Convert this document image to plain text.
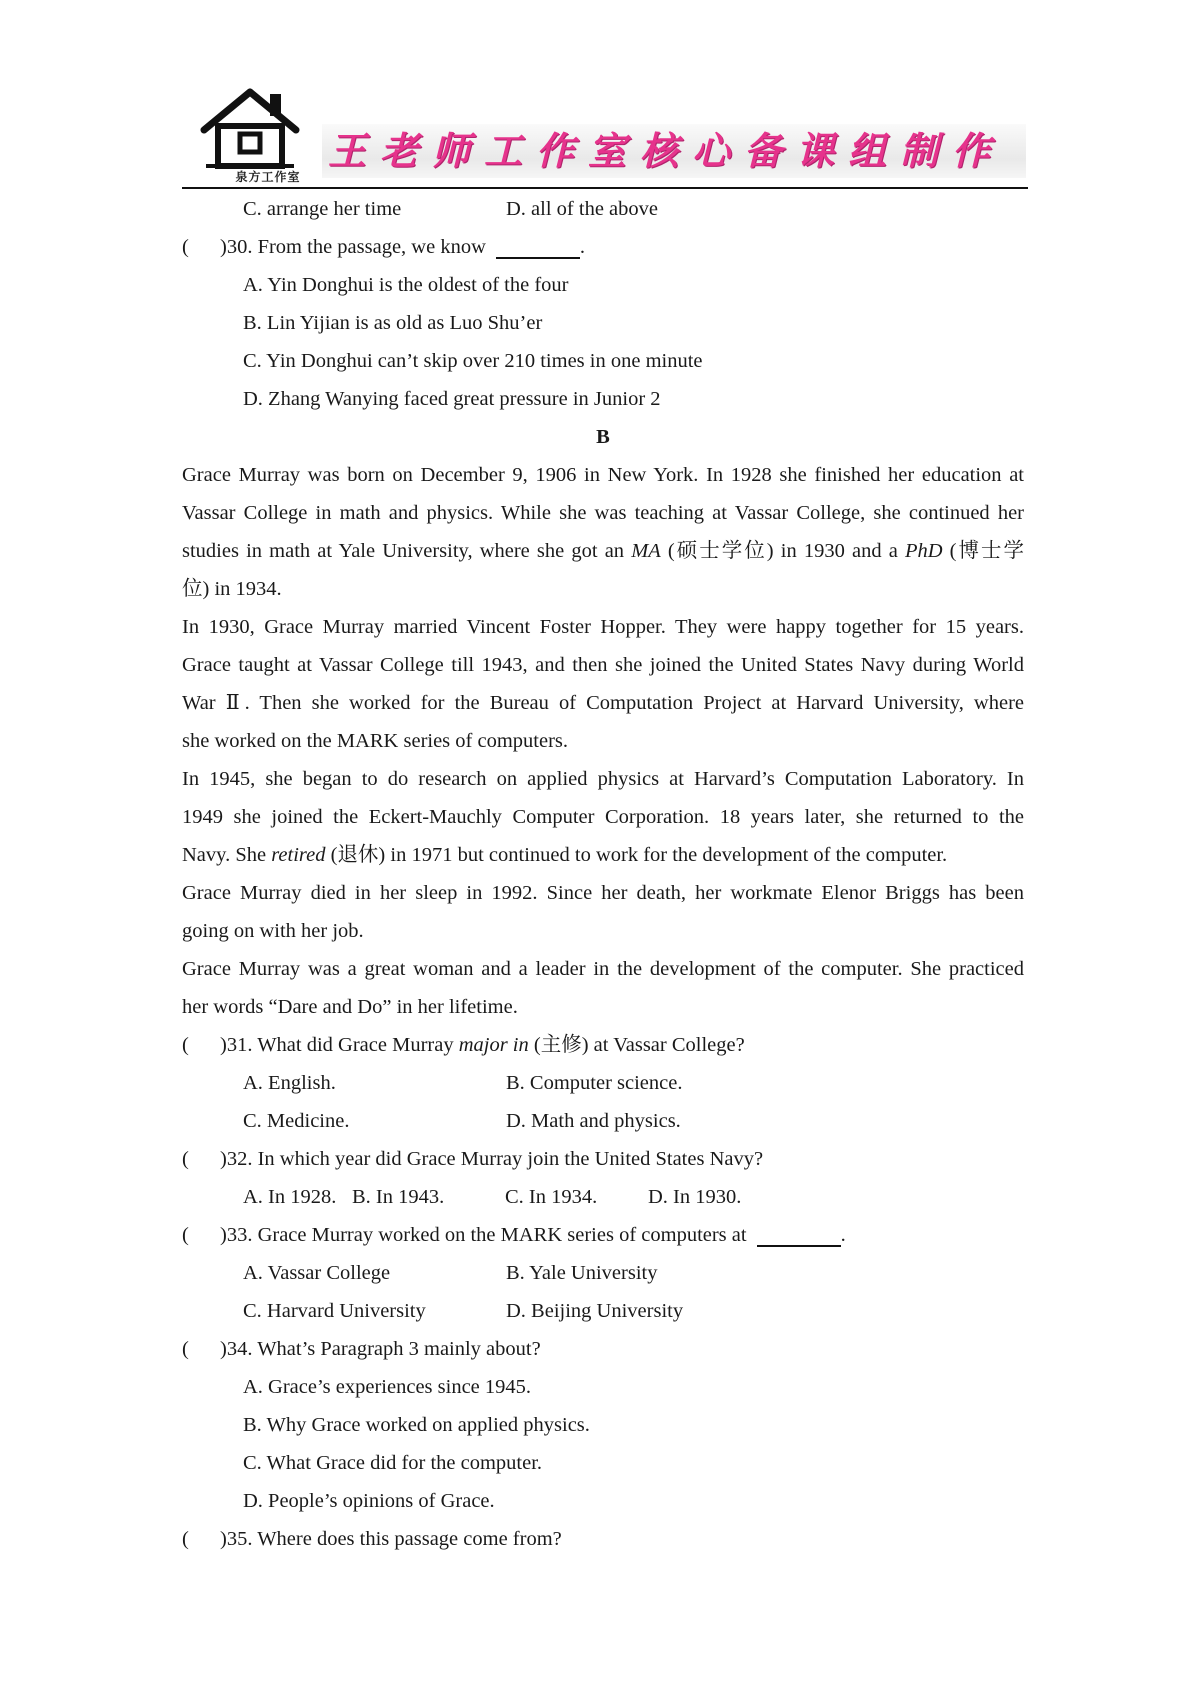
泉方工作室
王老师工作室核心备课组制作
C. arrange her time	D. all of the above
( )30. From the passage, we know	.
A. Yin Donghui is the oldest of the four
B. Lin Yijian is as old as Luo Shu’er
C. Yin Donghui can’t skip over 210 times in one minute
D. Zhang Wanying faced great pressure in Junior 2
B
Grace Murray was born on December 9, 1906 in New York. In 1928 she finished her education at
Vassar College in math and physics. While she was teaching at Vassar College, she continued her
studies in math at Yale University, where she got an MA (硕士学位) in 1930 and a PhD (博士学
位) in 1934.
In 1930, Grace Murray married Vincent Foster Hopper. They were happy together for 15 years.
Grace taught at Vassar College till 1943, and then she joined the United States Navy during World
War Ⅱ. Then she worked for the Bureau of Computation Project at Harvard University, where
she worked on the MARK series of computers.
In 1945, she began to do research on applied physics at Harvard’s Computation Laboratory. In
1949 she joined the Eckert-Mauchly Computer Corporation. 18 years later, she returned to the
Navy. She retired (退休) in 1971 but continued to work for the development of the computer.
Grace Murray died in her sleep in 1992. Since her death, her workmate Elenor Briggs has been
going on with her job.
Grace Murray was a great woman and a leader in the development of the computer. She practiced
her words “Dare and Do” in her lifetime.
( )31. What did Grace Murray major in (主修) at Vassar College?
A. English.	B. Computer science.
C. Medicine.	D. Math and physics.
( )32. In which year did Grace Murray join the United States Navy?
A. In 1928. B. In 1943.	C. In 1934. D. In 1930.
( )33. Grace Murray worked on the MARK series of computers at	.
A. Vassar College	B. Yale University
C. Harvard University	D. Beijing University
( )34. What’s Paragraph 3 mainly about?
A. Grace’s experiences since 1945.
B. Why Grace worked on applied physics.
C. What Grace did for the computer.
D. People’s opinions of Grace.
( )35. Where does this passage come from?
